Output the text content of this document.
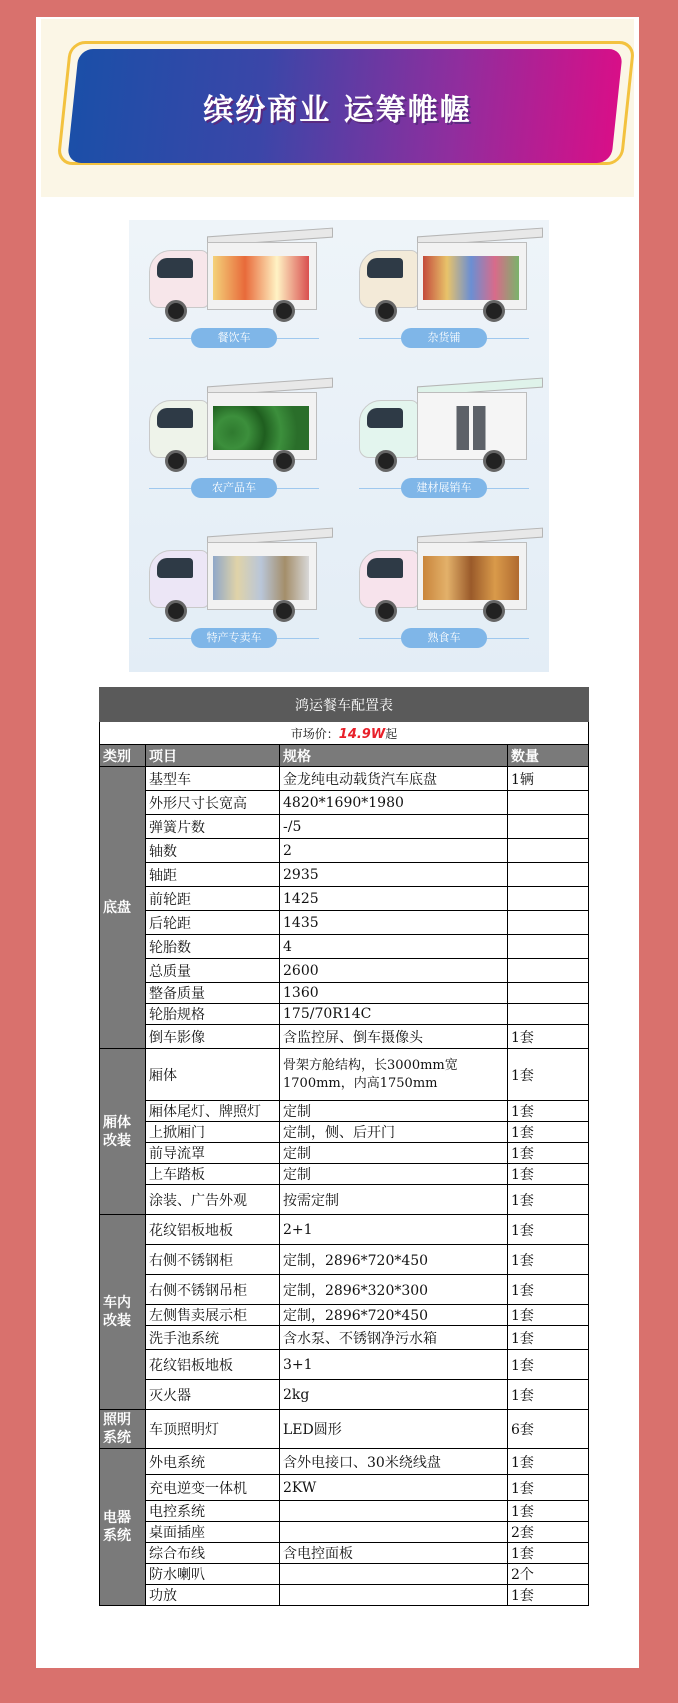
缤纷商业 运筹帷幄
餐饮车	杂货铺
农产品车	建材展销车
特产专卖车	熟食车
鸿运餐车配置表			
市场价：14.9W起			
类别	项目	规格	数量
底盘	基型车	金龙纯电动载货汽车底盘	1辆
	外形尺寸长宽高	4820*1690*1980	
	弹簧片数	-/5	
	轴数	2	
	轴距	2935	
	前轮距	1425	
	后轮距	1435	
	轮胎数	4	
	总质量	2600	
	整备质量	1360	
	轮胎规格	175/70R14C	
	倒车影像	含监控屏、倒车摄像头	1套
厢体改装	厢体	骨架方舱结构，长3000mm宽1700mm，内高1750mm	1套
	厢体尾灯、牌照灯	定制	1套
	上掀厢门	定制，侧、后开门	1套
	前导流罩	定制	1套
	上车踏板	定制	1套
	涂装、广告外观	按需定制	1套
车内改装	花纹铝板地板	2+1	1套
	右侧不锈钢柜	定制，2896*720*450	1套
	右侧不锈钢吊柜	定制，2896*320*300	1套
	左侧售卖展示柜	定制，2896*720*450	1套
	洗手池系统	含水泵、不锈钢净污水箱	1套
	花纹铝板地板	3+1	1套
	灭火器	2kg	1套
照明系统	车顶照明灯	LED圆形	6套
电器系统	外电系统	含外电接口、30米绕线盘	1套
	充电逆变一体机	2KW	1套
	电控系统		1套
	桌面插座		2套
	综合布线	含电控面板	1套
	防水喇叭		2个
	功放		1套
